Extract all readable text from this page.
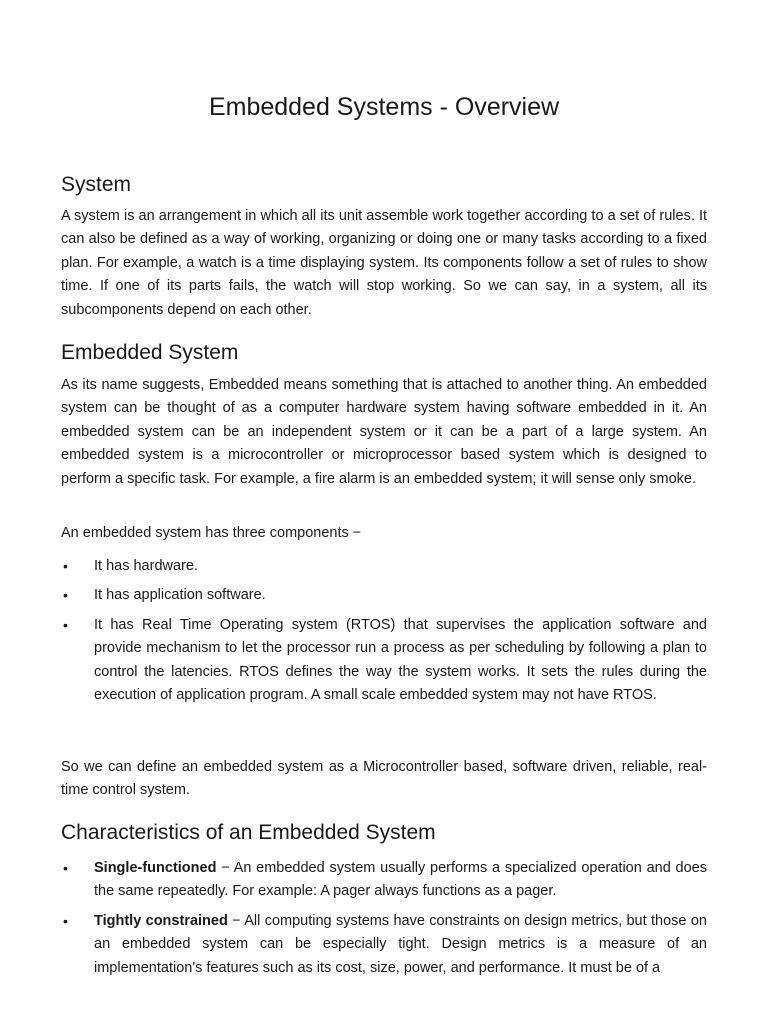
Embedded Systems - Overview
System

A system is an arrangement in which all its unit assemble work together according to a set of rules. It can also be defined as a way of working, organizing or doing one or many tasks according to a fixed plan. For example, a watch is a time displaying system. Its components follow a set of rules to show time. If one of its parts fails, the watch will stop working. So we can say, in a system, all its subcomponents depend on each other.

Embedded System

As its name suggests, Embedded means something that is attached to another thing. An embedded system can be thought of as a computer hardware system having software embedded in it. An embedded system can be an independent system or it can be a part of a large system. An embedded system is a microcontroller or microprocessor based system which is designed to perform a specific task. For example, a fire alarm is an embedded system; it will sense only smoke.

An embedded system has three components −

• It has hardware.
• It has application software.
• It has Real Time Operating system (RTOS) that supervises the application software and provide mechanism to let the processor run a process as per scheduling by following a plan to control the latencies. RTOS defines the way the system works. It sets the rules during the execution of application program. A small scale embedded system may not have RTOS.

So we can define an embedded system as a Microcontroller based, software driven, reliable, real-time control system.

Characteristics of an Embedded System
• Single-functioned − An embedded system usually performs a specialized operation and does the same repeatedly. For example: A pager always functions as a pager.
• Tightly constrained − All computing systems have constraints on design metrics, but those on an embedded system can be especially tight. Design metrics is a measure of an implementation's features such as its cost, size, power, and performance. It must be of a
